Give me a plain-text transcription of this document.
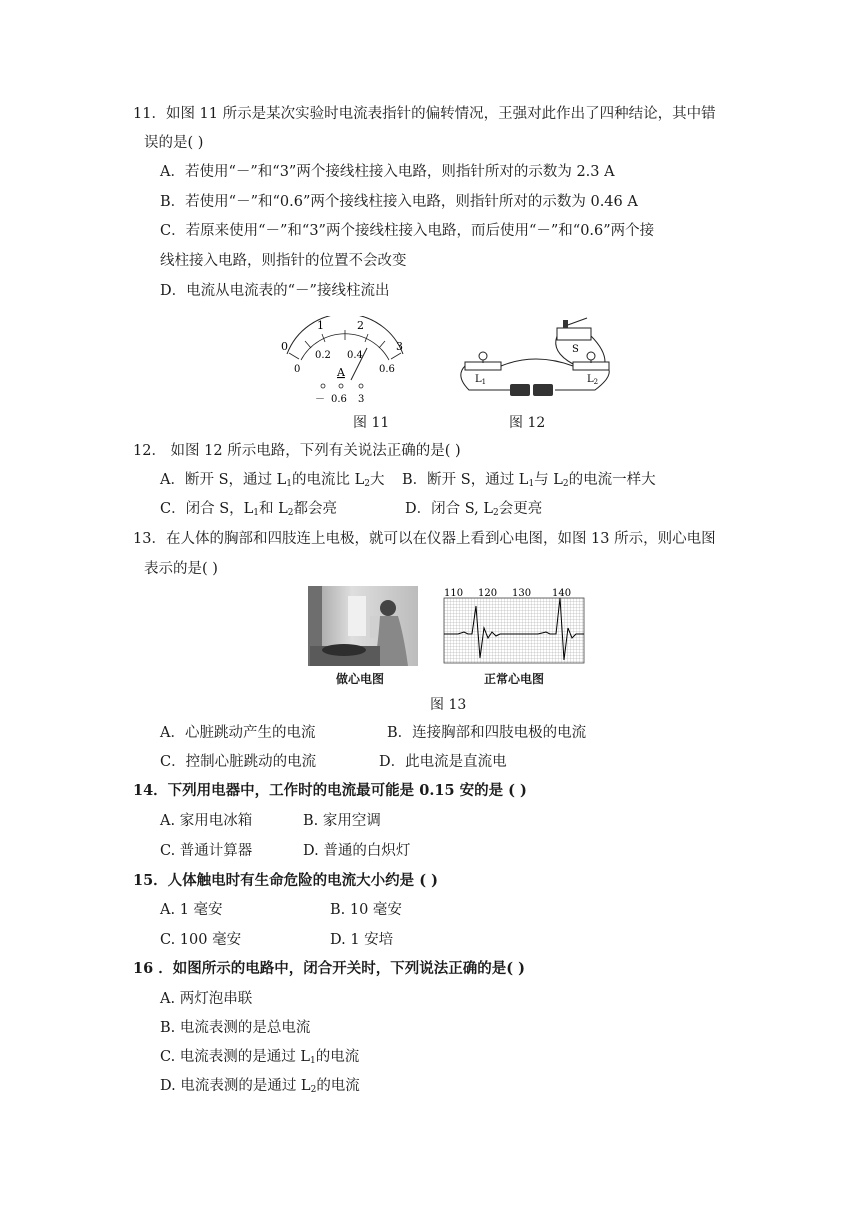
11．如图 11 所示是某次实验时电流表指针的偏转情况，王强对此作出了四种结论，其中错
误的是( )
A．若使用“－”和“3”两个接线柱接入电路，则指针所对的示数为 2.3 A
B．若使用“－”和“0.6”两个接线柱接入电路，则指针所对的示数为 0.46 A
C．若原来使用“－”和“3”两个接线柱接入电路，而后使用“－”和“0.6”两个接
线柱接入电路，则指针的位置不会改变
D．电流从电流表的“－”接线柱流出
0
1	2
3
0
0.2 0.4
0.6
A
－ 0.6 3
图 11
S
$L_1$	$L_2$
图 12
12． 如图 12 所示电路，下列有关说法正确的是( )
A．断开 S，通过 $L_1$的电流比 $L_2$大 B．断开 S，通过 $L_1$与 $L_2$的电流一样大
C．闭合 S，$L_1$和 $L_2$都会亮	D．闭合 S, $L_2$会更亮
13．在人体的胸部和四肢连上电极，就可以在仪器上看到心电图，如图 13 所示，则心电图
表示的是( )
做心电图
110 120 130 140
正常心电图
图 13
A．心脏跳动产生的电流	B．连接胸部和四肢电极的电流
C．控制心脏跳动的电流	D．此电流是直流电
14．下列用电器中，工作时的电流最可能是 0.15 安的是 ( )
A. 家用电冰箱	B. 家用空调
C. 普通计算器	D. 普通的白炽灯
15．人体触电时有生命危险的电流大小约是 ( )
A. 1 毫安	B. 10 毫安
C. 100 毫安	D. 1 安培
16 ．如图所示的电路中，闭合开关时，下列说法正确的是( )
A. 两灯泡串联
B. 电流表测的是总电流
C. 电流表测的是通过 $L_1$的电流
D. 电流表测的是通过 $L_2$的电流
